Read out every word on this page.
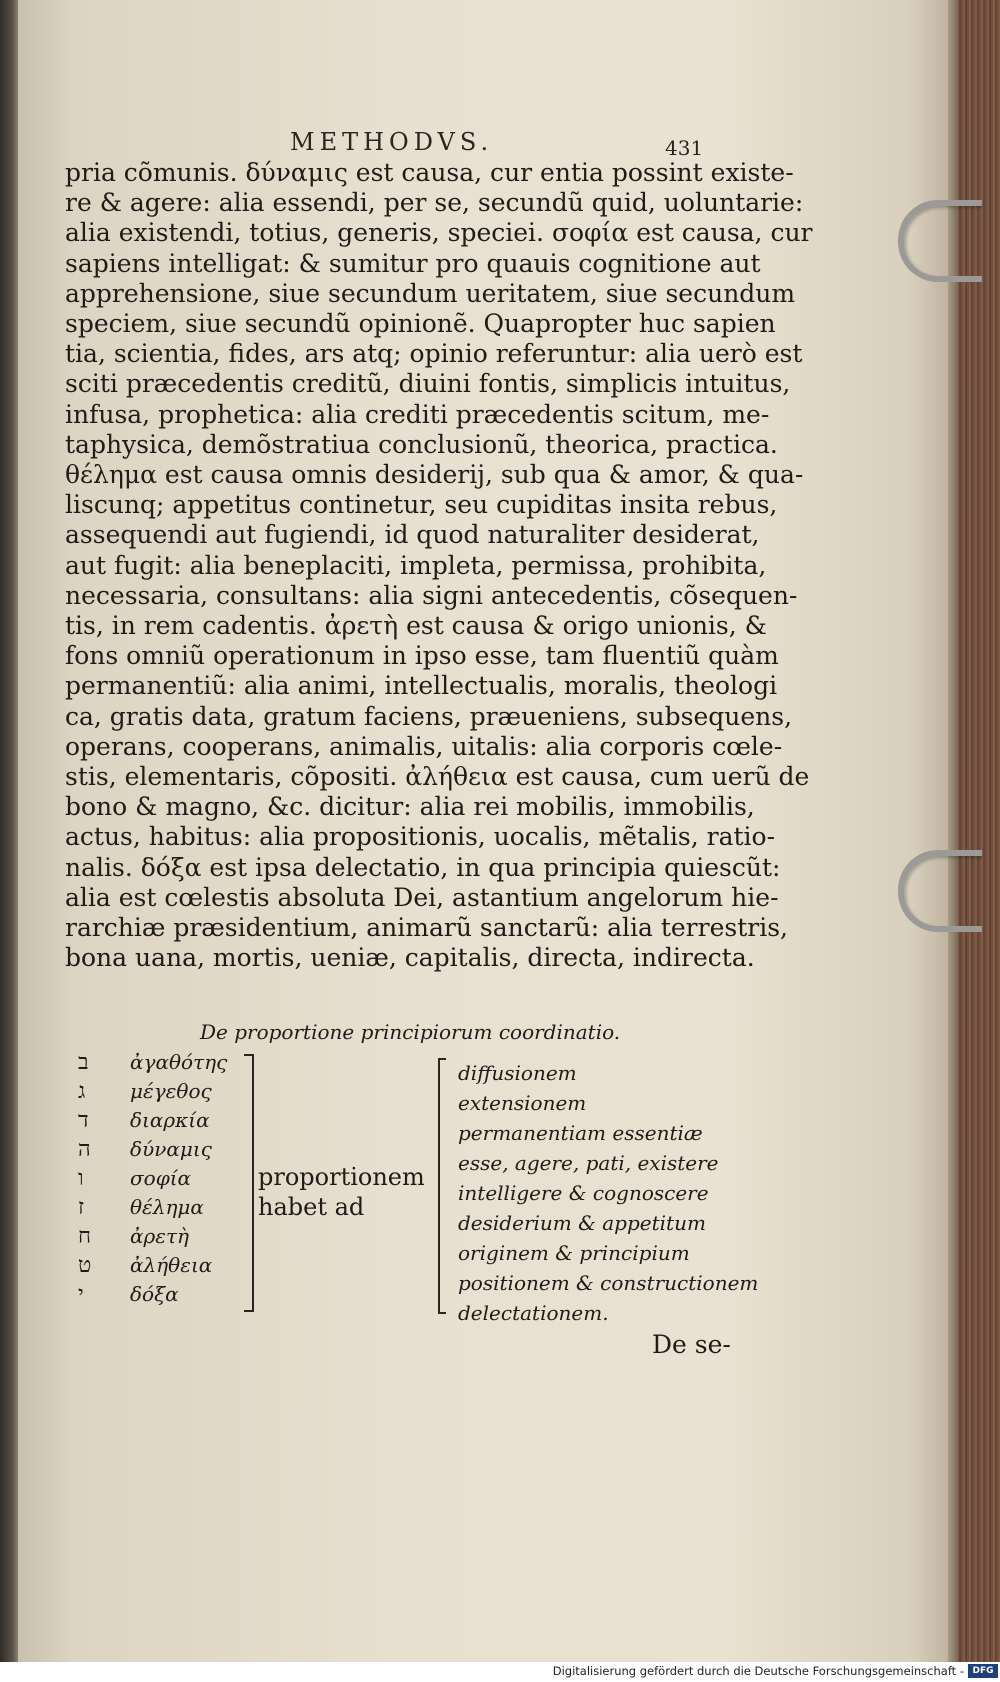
METHODVS.	431
pria cõmunis. δύναμις est causa, cur entia possint existe-
re & agere: alia essendi, per se, secundũ quid, uoluntarie:
alia existendi, totius, generis, speciei. σοφία est causa, cur
sapiens intelligat: & sumitur pro quauis cognitione aut
apprehensione, siue secundum ueritatem, siue secundum
speciem, siue secundũ opinionẽ. Quapropter huc sapien
tia, scientia, fides, ars atq; opinio referuntur: alia uerò est
sciti præcedentis creditũ, diuini fontis, simplicis intuitus,
infusa, prophetica: alia crediti præcedentis scitum, me-
taphysica, demõstratiua conclusionũ, theorica, practica.
θέλημα est causa omnis desiderij, sub qua & amor, & qua-
liscunq; appetitus continetur, seu cupiditas insita rebus,
assequendi aut fugiendi, id quod naturaliter desiderat,
aut fugit: alia beneplaciti, impleta, permissa, prohibita,
necessaria, consultans: alia signi antecedentis, cõsequen-
tis, in rem cadentis. ἀρετὴ est causa & origo unionis, &
fons omniũ operationum in ipso esse, tam fluentiũ quàm
permanentiũ: alia animi, intellectualis, moralis, theologi
ca, gratis data, gratum faciens, præueniens, subsequens,
operans, cooperans, animalis, uitalis: alia corporis cœle-
stis, elementaris, cõpositi. ἀλήθεια est causa, cum uerũ de
bono & magno, &c. dicitur: alia rei mobilis, immobilis,
actus, habitus: alia propositionis, uocalis, mẽtalis, ratio-
nalis. δόξα est ipsa delectatio, in qua principia quiescũt:
alia est cœlestis absoluta Dei, astantium angelorum hie-
rarchiæ præsidentium, animarũ sanctarũ: alia terrestris,
bona uana, mortis, ueniæ, capitalis, directa, indirecta.
De proportione principiorum coordinatio.
ב
ג
ד
ה
ו
ז
ח
ט
י
ἀγαθότης
μέγεθος
διαρκία
δύναμις
σοφία
θέλημα
ἀρετὴ
ἀλήθεια
δόξα
proportionem
habet ad
diffusionem
extensionem
permanentiam essentiæ
esse, agere, pati, existere
intelligere & cognoscere
desiderium & appetitum
originem & principium
positionem & constructionem
delectationem.
De se-
Digitalisierung gefördert durch die Deutsche Forschungsgemeinschaft - DFG
